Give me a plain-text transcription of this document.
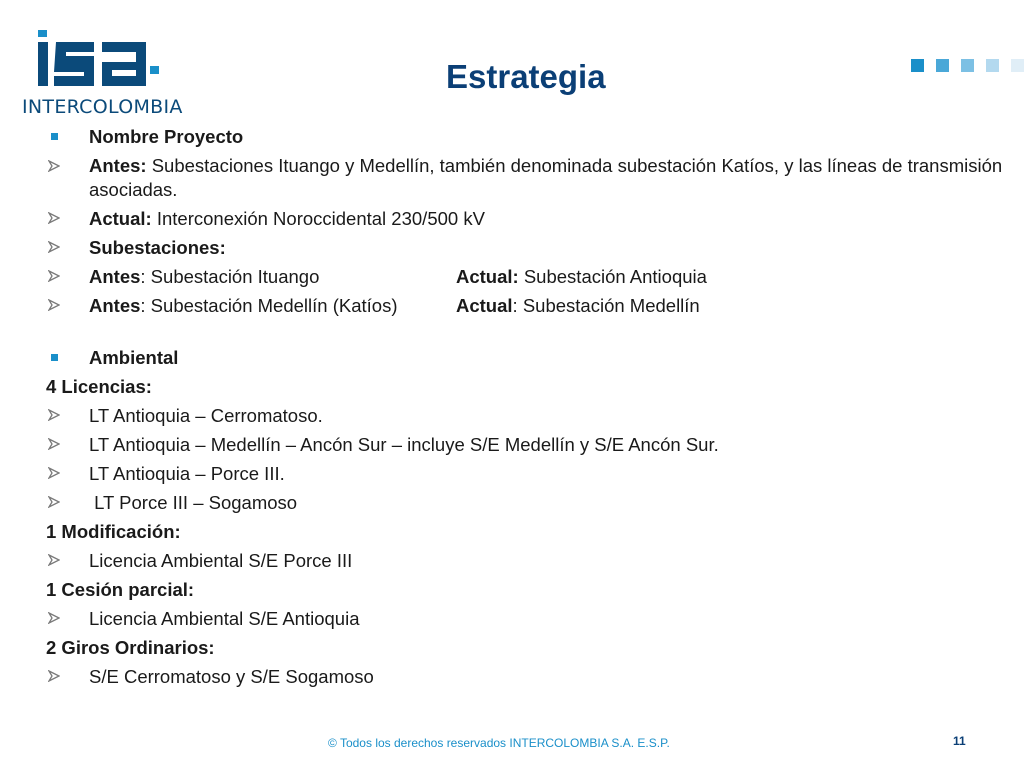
INTERCOLOMBIA
Estrategia
Nombre Proyecto
Antes: Subestaciones Ituango y Medellín, también denominada subestación Katíos, y las líneas de transmisión asociadas.
Actual: Interconexión Noroccidental 230/500 kV
Subestaciones:
Antes: Subestación Ituango	Actual: Subestación Antioquia
Antes: Subestación Medellín (Katíos)	Actual: Subestación Medellín
Ambiental
4 Licencias:
LT Antioquia – Cerromatoso.
LT Antioquia – Medellín – Ancón Sur – incluye S/E Medellín y S/E Ancón Sur.
LT Antioquia – Porce III.
LT Porce III – Sogamoso
1 Modificación:
Licencia Ambiental S/E Porce III
1 Cesión parcial:
Licencia Ambiental S/E Antioquia
2 Giros Ordinarios:
S/E Cerromatoso y S/E Sogamoso
© Todos los derechos reservados INTERCOLOMBIA S.A. E.S.P.	11
